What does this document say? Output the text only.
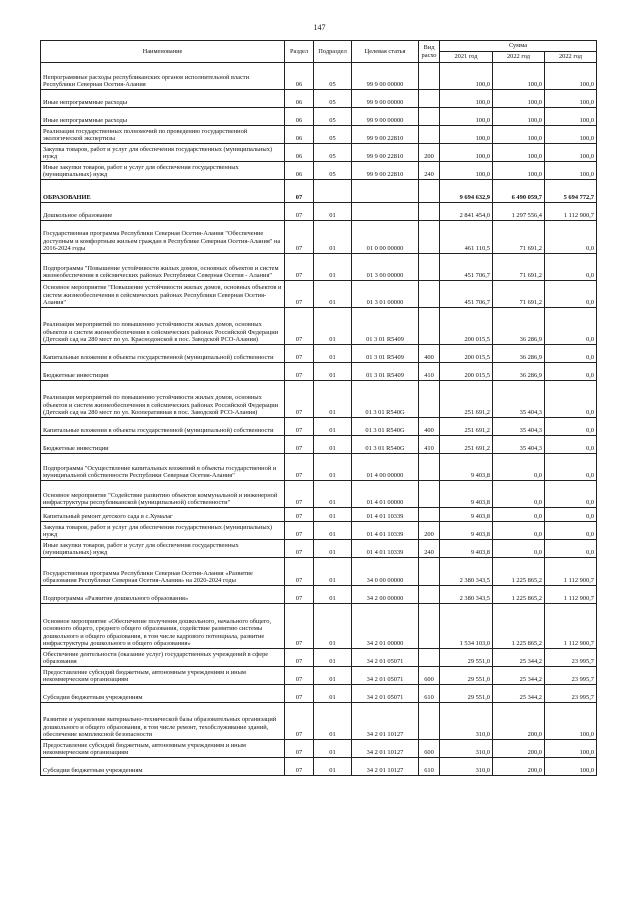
147
Наименование	Раздел	Подраздел	Целевая статья	Вид расхо	Сумма		
					2021 год	2022 год	2022 год

Непрограммные расходы республиканских органов исполнительной власти Республики Северная Осетия-Алания	06	05	99 9 00 00000		100,0	100,0	100,0

Иные непрограммные расходы	06	05	99 9 00 00000		100,0	100,0	100,0

Иные непрограммные расходы	06	05	99 9 00 00000		100,0	100,0	100,0

Реализация государственных полномочий по проведению государственной экологической экспертизы	06	05	99 9 00 22810		100,0	100,0	100,0

Закупка товаров, работ и услуг для обеспечения государственных (муниципальных) нужд	06	05	99 9 00 22810	200	100,0	100,0	100,0

Иные закупки товаров, работ и услуг для обеспечения государственных (муниципальных) нужд	06	05	99 9 00 22810	240	100,0	100,0	100,0

ОБРАЗОВАНИЕ	07				9 694 632,9	6 490 059,7	5 694 772,7

Дошкольное образование	07	01			2 841 454,0	1 297 556,4	1 112 900,7

Государственная программа Республики Северная Осетия-Алания "Обеспечение доступным и комфортным жильем граждан в Республике Северная Осетия-Алания" на 2016-2024 годы	07	01	01 0 00 00000		461 110,5	71 691,2	0,0

Подпрограмма "Повышение устойчивости жилых домов, основных объектов и систем жизнеобеспечения в сейсмических районах Республики Северная Осетия - Алания"	07	01	01 3 00 00000		451 706,7	71 691,2	0,0

Основное мероприятие "Повышение устойчивости жилых домов, основных объектов и систем жизнеобеспечения в сейсмических районах Республики Северная Осетия-Алания"	07	01	01 3 01 00000		451 706,7	71 691,2	0,0

Реализация мероприятий по повышению устойчивости жилых домов, основных объектов и систем жизнеобеспечения в сейсмических районах Российской Федерации (Детский сад на 280 мест по ул. Краснодонской в пос. Заводской РСО-Алания)	07	01	01 3 01 R5409		200 015,5	36 286,9	0,0

Капитальные вложения в объекты государственной (муниципальной) собственности	07	01	01 3 01 R5409	400	200 015,5	36 286,9	0,0

Бюджетные инвестиции	07	01	01 3 01 R5409	410	200 015,5	36 286,9	0,0

Реализация мероприятий по повышению устойчивости жилых домов, основных объектов и систем жизнеобеспечения в сейсмических районах Российской Федерации (Детский сад на 280 мест по ул. Кооперативная в пос. Заводской РСО-Алания)	07	01	01 3 01 R540G		251 691,2	35 404,3	0,0

Капитальные вложения в объекты государственной (муниципальной) собственности	07	01	01 3 01 R540G	400	251 691,2	35 404,3	0,0

Бюджетные инвестиции	07	01	01 3 01 R540G	410	251 691,2	35 404,3	0,0

Подпрограмма "Осуществление капитальных вложений в объекты государственной и муниципальной собственности Республики Северная Осетия-Алания"	07	01	01 4 00 00000		9 403,8	0,0	0,0

Основное мероприятие "Содействие развитию объектов коммунальной и инженерной инфраструктуры республиканской (муниципальной) собственности"	07	01	01 4 01 00000		9 403,8	0,0	0,0

Капитальный ремонт детского сада в с.Хумалаг	07	01	01 4 01 10339		9 403,8	0,0	0,0

Закупка товаров, работ и услуг для обеспечения государственных (муниципальных) нужд	07	01	01 4 01 10339	200	9 403,8	0,0	0,0

Иные закупки товаров, работ и услуг для обеспечения государственных (муниципальных) нужд	07	01	01 4 01 10339	240	9 403,8	0,0	0,0

Государственная программа Республики Северная Осетия-Алания «Развитие образования Республики Северная Осетия-Алания» на 2020-2024 годы	07	01	34 0 00 00000		2 380 343,5	1 225 865,2	1 112 900,7

Подпрограмма «Развитие дошкольного образования»	07	01	34 2 00 00000		2 380 343,5	1 225 865,2	1 112 900,7

Основное мероприятие «Обеспечение получения дошкольного, начального общего, основного общего, среднего общего образования, содействие развитию системы дошкольного и общего образования, в том числе кадрового потенциала, развитие инфраструктуры дошкольного и общего образования»	07	01	34 2 01 00000		1 534 103,0	1 225 865,2	1 112 900,7

Обеспечение деятельности (оказание услуг) государственных учреждений в сфере образования	07	01	34 2 01 05071		29 551,0	25 344,2	23 995,7

Предоставление субсидий бюджетным, автономным учреждениям и иным некоммерческим организациям	07	01	34 2 01 05071	600	29 551,0	25 344,2	23 995,7

Субсидии бюджетным учреждениям	07	01	34 2 01 05071	610	29 551,0	25 344,2	23 995,7

Развитие и укрепление материально-технической базы образовательных организаций дошкольного и общего образования, в том числе ремонт, техобслуживание зданий, обеспечение комплексной безопасности	07	01	34 2 01 10127		310,0	200,0	100,0

Предоставление субсидий бюджетным, автономным учреждениям и иным некоммерческим организациям	07	01	34 2 01 10127	600	310,0	200,0	100,0

Субсидии бюджетным учреждениям	07	01	34 2 01 10127	610	310,0	200,0	100,0
